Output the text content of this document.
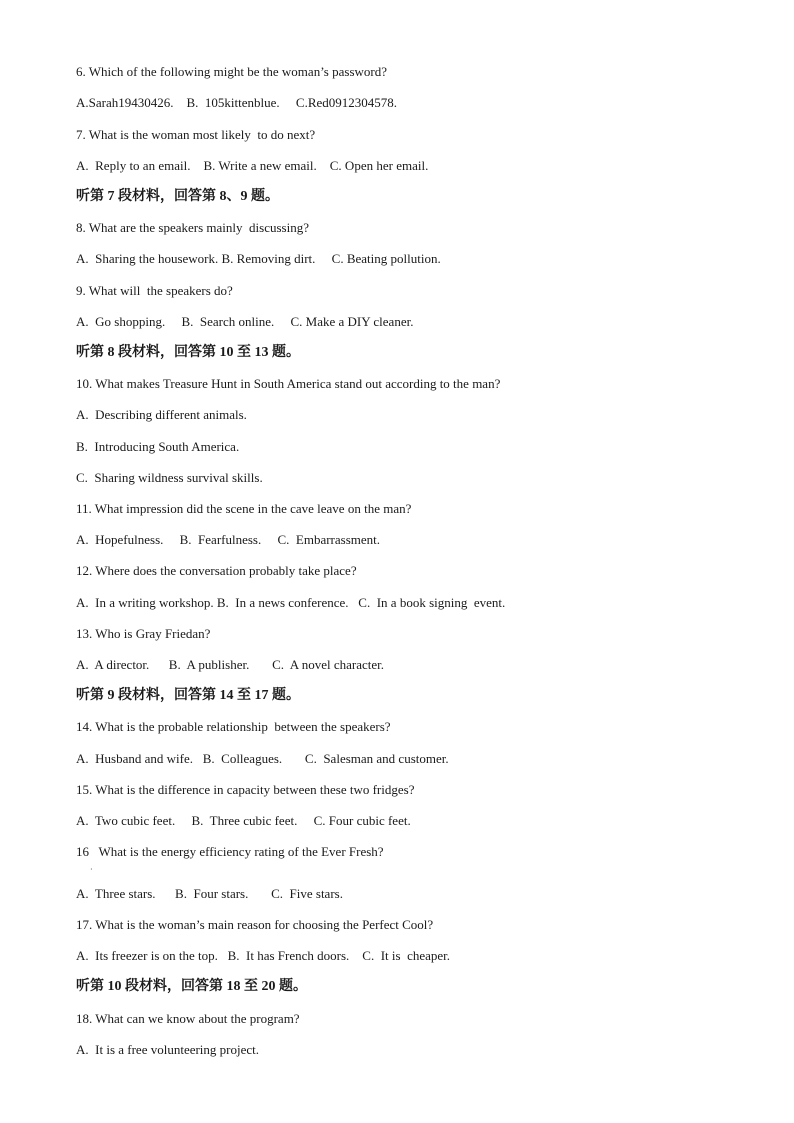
6. Which of the following might be the woman’s password?
A.Sarah19430426.    B.  105kittenblue.     C.Red0912304578.
7. What is the woman most likely  to do next?
A.  Reply to an email.    B. Write a new email.    C. Open her email.
听第 7 段材料，回答第 8、9 题。
8. What are the speakers mainly  discussing?
A.  Sharing the housework. B. Removing dirt.     C. Beating pollution.
9. What will  the speakers do?
A.  Go shopping.     B.  Search online.     C. Make a DIY cleaner.
听第 8 段材料，回答第 10 至 13 题。
10. What makes Treasure Hunt in South America stand out according to the man?
A.  Describing different animals.
B.  Introducing South America.
C.  Sharing wildness survival skills.
11. What impression did the scene in the cave leave on the man?
A.  Hopefulness.     B.  Fearfulness.     C.  Embarrassment.
12. Where does the conversation probably take place?
A.  In a writing workshop. B.  In a news conference.   C.  In a book signing  event.
13. Who is Gray Friedan?
A.  A director.      B.  A publisher.       C.  A novel character.
听第 9 段材料，回答第 14 至 17 题。
14. What is the probable relationship  between the speakers?
A.  Husband and wife.   B.  Colleagues.       C.  Salesman and customer.
15. What is the difference in capacity between these two fridges?
A.  Two cubic feet.     B.  Three cubic feet.     C. Four cubic feet.
16   What is the energy efficiency rating of the Ever Fresh?
·
A.  Three stars.      B.  Four stars.       C.  Five stars.
17. What is the woman’s main reason for choosing the Perfect Cool?
A.  Its freezer is on the top.   B.  It has French doors.    C.  It is  cheaper.
听第 10 段材料，回答第 18 至 20 题。
18. What can we know about the program?
A.  It is a free volunteering project.
